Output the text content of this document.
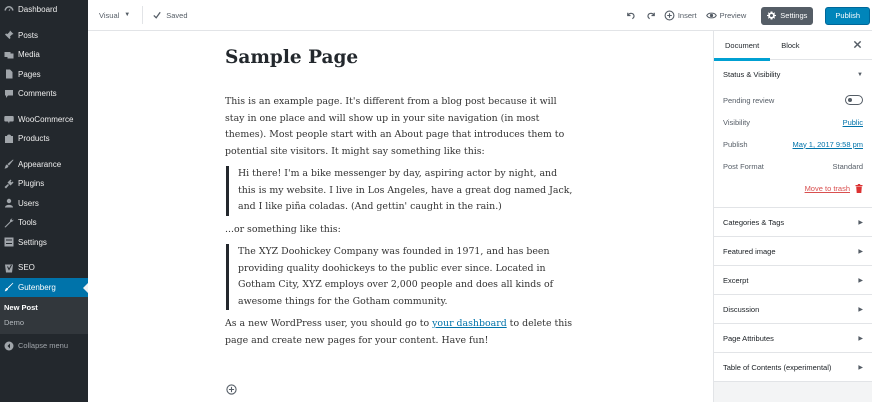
Dashboard
Posts
Media
Pages
Comments
WooCommerce
Products
Appearance
Plugins
Users
Tools
Settings
SEO
Gutenberg
New Post
Demo
Collapse menu
Visual ▼	Saved	Insert	Preview	Settings	Publish
Sample Page

This is an example page. It's different from a blog post because it will stay in one place and will show up in your site navigation (in most themes). Most people start with an About page that introduces them to potential site visitors. It might say something like this:

Hi there! I'm a bike messenger by day, aspiring actor by night, and this is my website. I live in Los Angeles, have a great dog named Jack, and I like piña coladas. (And gettin' caught in the rain.)

...or something like this:

The XYZ Doohickey Company was founded in 1971, and has been providing quality doohickeys to the public ever since. Located in Gotham City, XYZ employs over 2,000 people and does all kinds of awesome things for the Gotham community.

As a new WordPress user, you should go to your dashboard to delete this page and create new pages for your content. Have fun!

Document	Block
Status & Visibility	▼
Pending review
Visibility	Public
Publish	May 1, 2017 9:58 pm
Post Format	Standard
Move to trash
Categories & Tags	▶
Featured image	▶
Excerpt	▶
Discussion	▶
Page Attributes	▶
Table of Contents (experimental)	▶
